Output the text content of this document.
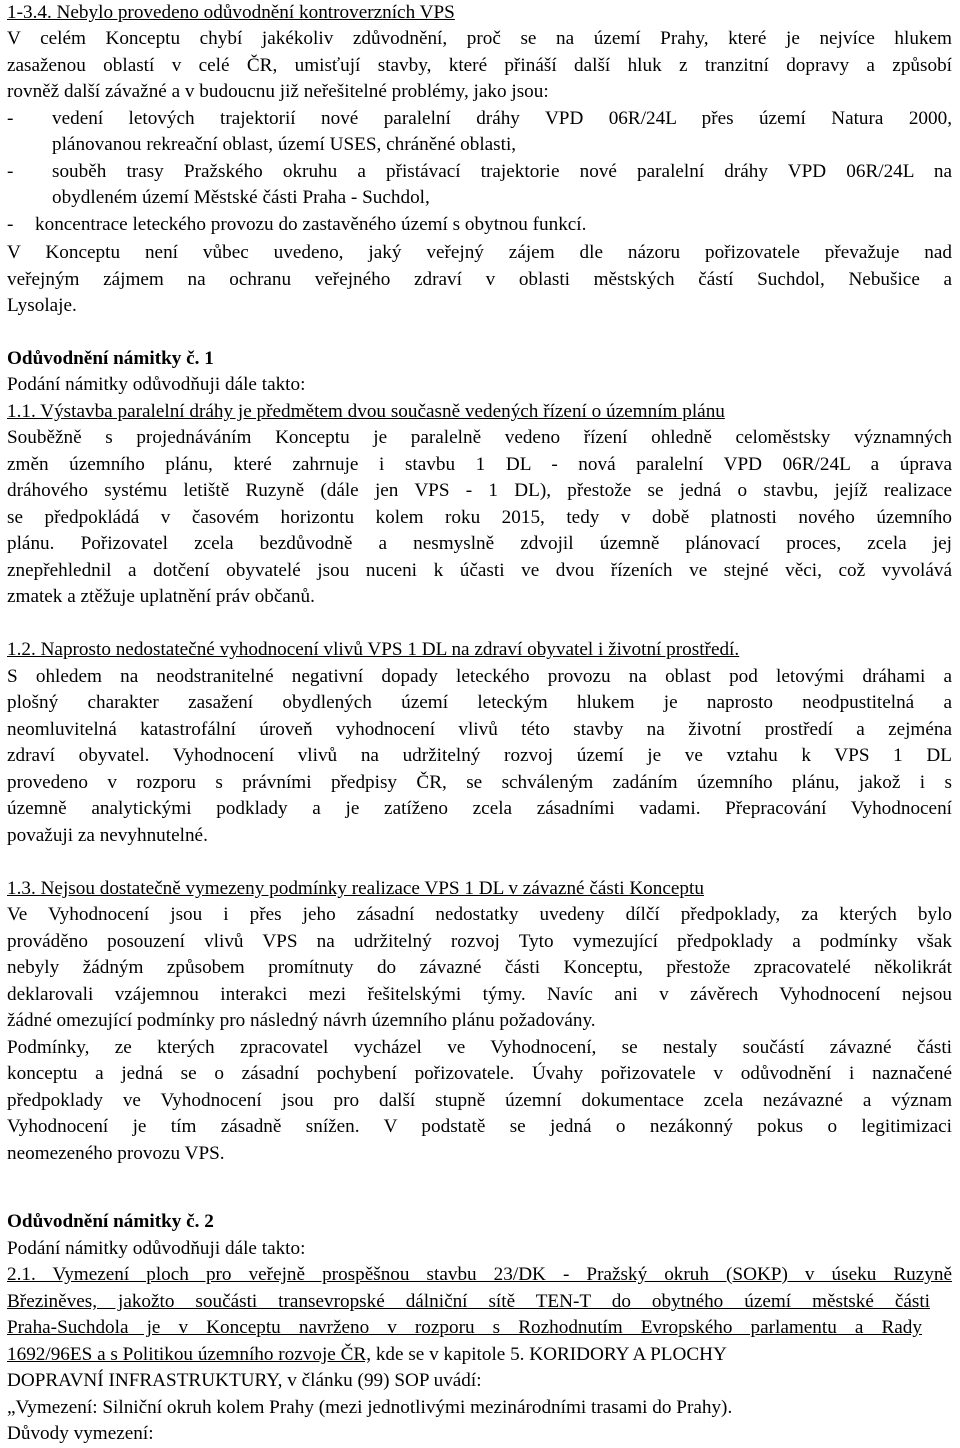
1-3.4. Nebylo provedeno odůvodnění kontroverzních VPS
V celém Konceptu chybí jakékoliv zdůvodnění, proč se na území Prahy, které je nejvíce hlukem
zasaženou oblastí v celé ČR, umisťují stavby, které přináší další hluk z tranzitní dopravy a způsobí
rovněž další závažné a v budoucnu již neřešitelné problémy, jako jsou:
- vedení letových trajektorií nové paralelní dráhy VPD 06R/24L přes území Natura 2000,
plánovanou rekreační oblast, území USES, chráněné oblasti,
- souběh trasy Pražského okruhu a přistávací trajektorie nové paralelní dráhy VPD 06R/24L na
obydleném území Městské části Praha - Suchdol,
- koncentrace leteckého provozu do zastavěného území s obytnou funkcí.
V Konceptu není vůbec uvedeno, jaký veřejný zájem dle názoru pořizovatele převažuje nad
veřejným zájmem na ochranu veřejného zdraví v oblasti městských částí Suchdol, Nebušice a
Lysolaje.
Odůvodnění námitky č. 1
Podání námitky odůvodňuji dále takto:
1.1. Výstavba paralelní dráhy je předmětem dvou současně vedených řízení o územním plánu
Souběžně s projednáváním Konceptu je paralelně vedeno řízení ohledně celoměstsky významných
změn územního plánu, které zahrnuje i stavbu 1 DL - nová paralelní VPD 06R/24L a úprava
dráhového systému letiště Ruzyně (dále jen VPS - 1 DL), přestože se jedná o stavbu, jejíž realizace
se předpokládá v časovém horizontu kolem roku 2015, tedy v době platnosti nového územního
plánu. Pořizovatel zcela bezdůvodně a nesmyslně zdvojil územně plánovací proces, zcela jej
znepřehlednil a dotčení obyvatelé jsou nuceni k účasti ve dvou řízeních ve stejné věci, což vyvolává
zmatek a ztěžuje uplatnění práv občanů.
1.2. Naprosto nedostatečné vyhodnocení vlivů VPS 1 DL na zdraví obyvatel i životní prostředí.
S ohledem na neodstranitelné negativní dopady leteckého provozu na oblast pod letovými dráhami a
plošný charakter zasažení obydlených území leteckým hlukem je naprosto neodpustitelná a
neomluvitelná katastrofální úroveň vyhodnocení vlivů této stavby na životní prostředí a zejména
zdraví obyvatel. Vyhodnocení vlivů na udržitelný rozvoj území je ve vztahu k VPS 1 DL
provedeno v rozporu s právními předpisy ČR, se schváleným zadáním územního plánu, jakož i s
územně analytickými podklady a je zatíženo zcela zásadními vadami. Přepracování Vyhodnocení
považuji za nevyhnutelné.
1.3. Nejsou dostatečně vymezeny podmínky realizace VPS 1 DL v závazné části Konceptu
Ve Vyhodnocení jsou i přes jeho zásadní nedostatky uvedeny dílčí předpoklady, za kterých bylo
prováděno posouzení vlivů VPS na udržitelný rozvoj Tyto vymezující předpoklady a podmínky však
nebyly žádným způsobem promítnuty do závazné části Konceptu, přestože zpracovatelé několikrát
deklarovali vzájemnou interakci mezi řešitelskými týmy. Navíc ani v závěrech Vyhodnocení nejsou
žádné omezující podmínky pro následný návrh územního plánu požadovány.
Podmínky, ze kterých zpracovatel vycházel ve Vyhodnocení, se nestaly součástí závazné části
konceptu a jedná se o zásadní pochybení pořizovatele. Úvahy pořizovatele v odůvodnění i naznačené
předpoklady ve Vyhodnocení jsou pro další stupně územní dokumentace zcela nezávazné a význam
Vyhodnocení je tím zásadně snížen. V podstatě se jedná o nezákonný pokus o legitimizaci
neomezeného provozu VPS.
Odůvodnění námitky č. 2
Podání námitky odůvodňuji dále takto:
2.1. Vymezení ploch pro veřejně prospěšnou stavbu 23/DK - Pražský okruh (SOKP) v úseku Ruzyně
Březiněves, jakožto součásti transevropské dálniční sítě TEN-T do obytného území městské části
Praha-Suchdola je v Konceptu navrženo v rozporu s Rozhodnutím Evropského parlamentu a Rady
1692/96ES a s Politikou územního rozvoje ČR, kde se v kapitole 5. KORIDORY A PLOCHY
DOPRAVNÍ INFRASTRUKTURY, v článku (99) SOP uvádí:
„Vymezení: Silniční okruh kolem Prahy (mezi jednotlivými mezinárodními trasami do Prahy).
Důvody vymezení:
